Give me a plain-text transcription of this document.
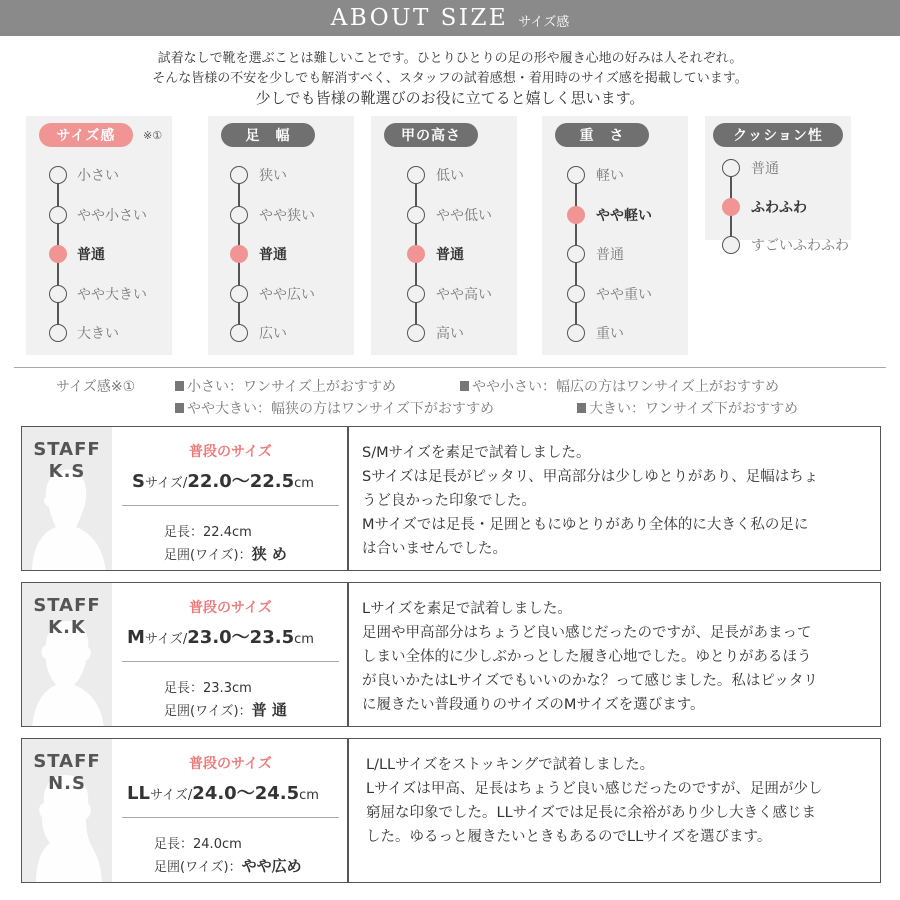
ABOUT SIZE サイズ感
試着なしで靴を選ぶことは難しいことです。ひとりひとりの足の形や履き心地の好みは人それぞれ。
そんな皆様の不安を少しでも解消すべく、スタッフの試着感想・着用時のサイズ感を掲載しています。
少しでも皆様の靴選びのお役に立てると嬉しく思います。
サイズ感	※①
小さい
やや小さい
普通
やや大きい
大きい
足　幅
狭い
やや狭い
普通
やや広い
広い
甲の高さ
低い
やや低い
普通
やや高い
高い
重　さ
軽い
やや軽い
普通
やや重い
重い
クッション性
普通
ふわふわ
すごいふわふわ
サイズ感※①	小さい：ワンサイズ上がおすすめ	やや小さい：幅広の方はワンサイズ上がおすすめ
やや大きい：幅狭の方はワンサイズ下がおすすめ	大きい：ワンサイズ下がおすすめ
STAFF
K.S
普段のサイズ
Sサイズ/22.0〜22.5cm
足長：22.4cm
足囲(ワイズ)：狭 め
S/Mサイズを素足で試着しました。
Sサイズは足長がピッタリ、甲高部分は少しゆとりがあり、足幅はちょ
うど良かった印象でした。
Mサイズでは足長・足囲ともにゆとりがあり全体的に大きく私の足に
は合いませんでした。
STAFF
K.K
普段のサイズ
Mサイズ/23.0〜23.5cm
足長：23.3cm
足囲(ワイズ)：普 通
Lサイズを素足で試着しました。
足囲や甲高部分はちょうど良い感じだったのですが、足長があまって
しまい全体的に少しぶかっとした履き心地でした。ゆとりがあるほう
が良いかたはLサイズでもいいのかな？って感じました。私はピッタリ
に履きたい普段通りのサイズのMサイズを選びます。
STAFF
N.S
普段のサイズ
LLサイズ/24.0〜24.5cm
足長：24.0cm
足囲(ワイズ)：やや広め
L/LLサイズをストッキングで試着しました。
Lサイズは甲高、足長はちょうど良い感じだったのですが、足囲が少し
窮屈な印象でした。LLサイズでは足長に余裕があり少し大きく感じま
した。ゆるっと履きたいときもあるのでLLサイズを選びます。
